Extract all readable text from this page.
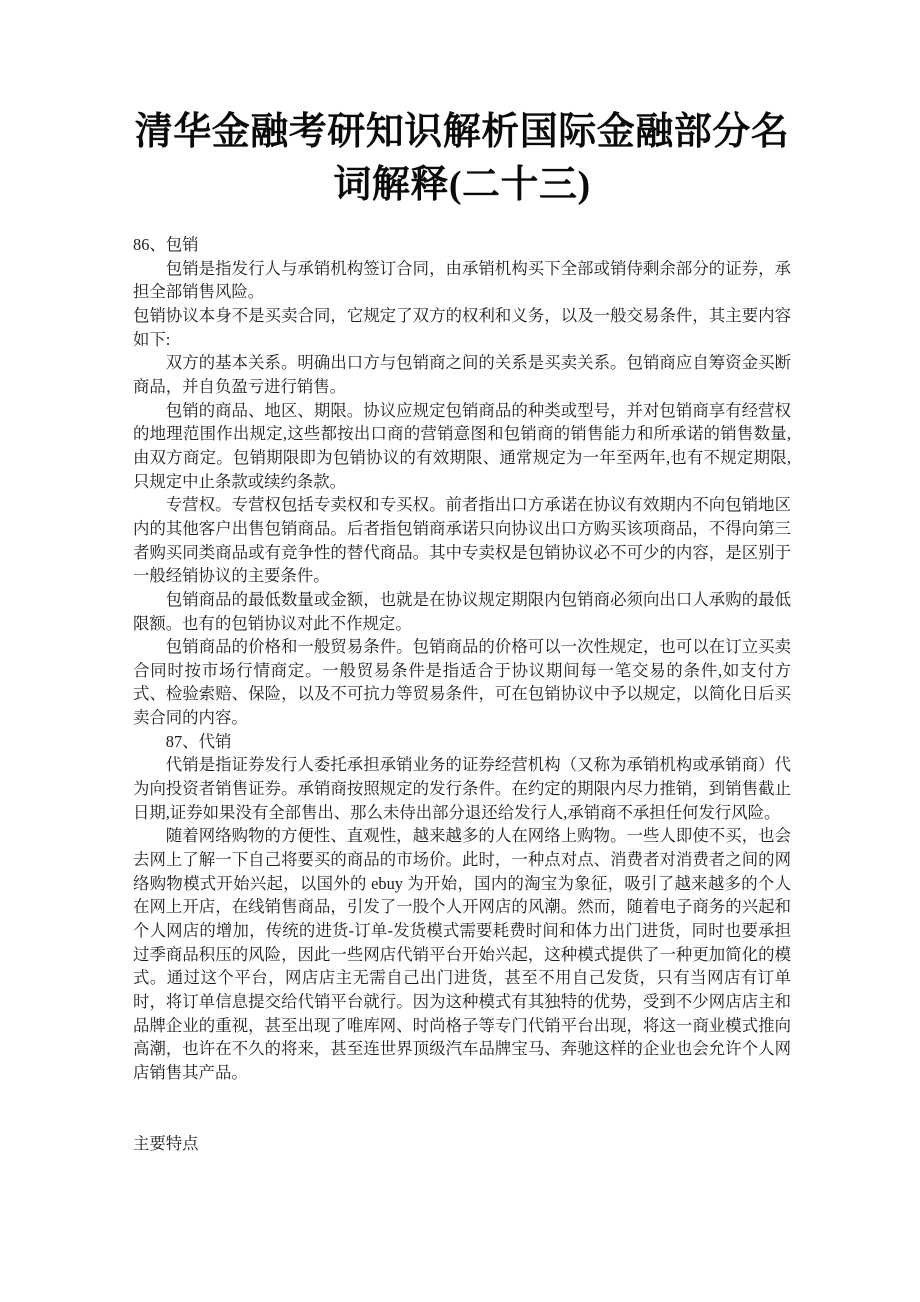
清华金融考研知识解析国际金融部分名
词解释(二十三)

86、包销

包销是指发行人与承销机构签订合同，由承销机构买下全部或销侍剩余部分的证券，承担全部销售风险。

包销协议本身不是买卖合同，它规定了双方的权利和义务，以及一般交易条件，其主要内容如下:

双方的基本关系。明确出口方与包销商之间的关系是买卖关系。包销商应自筹资金买断商品，并自负盈亏进行销售。

包销的商品、地区、期限。协议应规定包销商品的种类或型号，并对包销商享有经营权的地理范围作出规定,这些都按出口商的营销意图和包销商的销售能力和所承诺的销售数量,由双方商定。包销期限即为包销协议的有效期限、通常规定为一年至两年,也有不规定期限,只规定中止条款或续约条款。

专营权。专营权包括专卖权和专买权。前者指出口方承诺在协议有效期内不向包销地区内的其他客户出售包销商品。后者指包销商承诺只向协议出口方购买该项商品，不得向第三者购买同类商品或有竞争性的替代商品。其中专卖权是包销协议必不可少的内容，是区别于一般经销协议的主要条件。

包销商品的最低数量或金额，也就是在协议规定期限内包销商必须向出口人承购的最低限额。也有的包销协议对此不作规定。

包销商品的价格和一般贸易条件。包销商品的价格可以一次性规定，也可以在订立买卖合同时按市场行情商定。一般贸易条件是指适合于协议期间每一笔交易的条件,如支付方式、检验索赔、保险，以及不可抗力等贸易条件，可在包销协议中予以规定，以简化日后买卖合同的内容。

87、代销

代销是指证券发行人委托承担承销业务的证券经营机构（又称为承销机构或承销商）代为向投资者销售证券。承销商按照规定的发行条件。在约定的期限内尽力推销，到销售截止日期,证券如果没有全部售出、那么未侍出部分退还给发行人,承销商不承担任何发行风险。

随着网络购物的方便性、直观性，越来越多的人在网络上购物。一些人即使不买，也会去网上了解一下自己将要买的商品的市场价。此时，一种点对点、消费者对消费者之间的网络购物模式开始兴起，以国外的 ebuy 为开始，国内的淘宝为象征，吸引了越来越多的个人在网上开店，在线销售商品，引发了一股个人开网店的风潮。然而，随着电子商务的兴起和个人网店的增加，传统的进货-订单-发货模式需要耗费时间和体力出门进货，同时也要承担过季商品积压的风险，因此一些网店代销平台开始兴起，这种模式提供了一种更加简化的模式。通过这个平台，网店店主无需自己出门进货，甚至不用自己发货，只有当网店有订单时，将订单信息提交给代销平台就行。因为这种模式有其独特的优势，受到不少网店店主和品牌企业的重视，甚至出现了唯库网、时尚格子等专门代销平台出现，将这一商业模式推向高潮，也许在不久的将来，甚至连世界顶级汽车品牌宝马、奔驰这样的企业也会允许个人网店销售其产品。

主要特点
